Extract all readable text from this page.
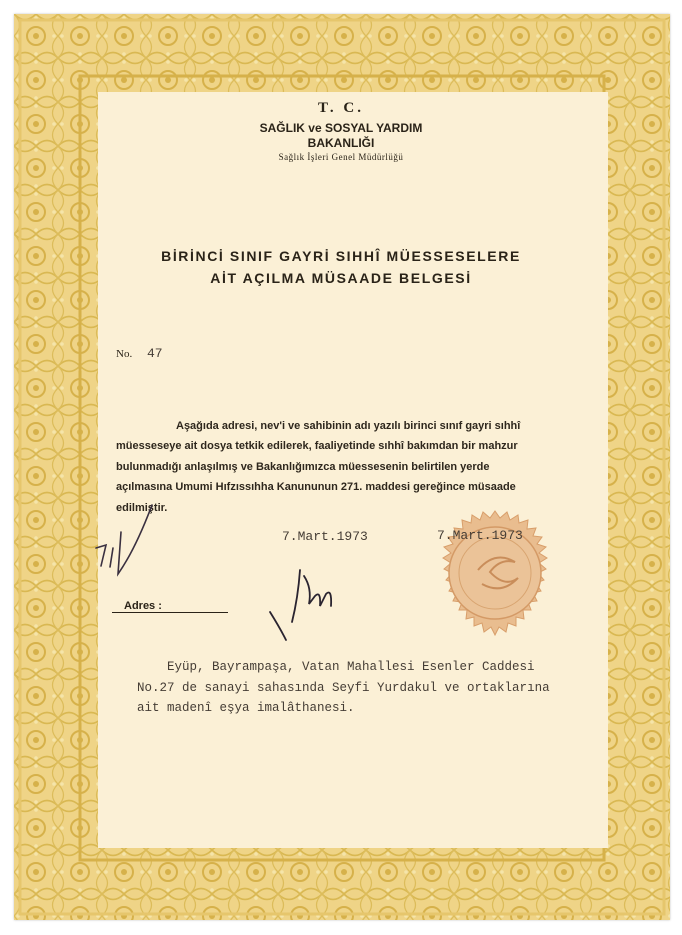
T. C.
SAĞLIK ve SOSYAL YARDIM
BAKANLIĞI
Sağlık İşleri Genel Müdürlüğü
BİRİNCİ SINIF GAYRİ SIHHÎ MÜESSESELERE
AİT AÇILMA MÜSAADE BELGESİ
No. 47
Aşağıda adresi, nev'i ve sahibinin adı yazılı birinci sınıf gayri sıhhî
müesseseye ait dosya tetkik edilerek, faaliyetinde sıhhî bakımdan bir mahzur
bulunmadığı anlaşılmış ve Bakanlığımızca müessesenin belirtilen yerde
açılmasına Umumi Hıfzıssıhha Kanununun 271. maddesi gereğince müsaade
edilmiştir.
7.Mart.1973	7.Mart.1973
Adres :
Eyüp, Bayrampaşa, Vatan Mahallesi Esenler Caddesi
No.27 de sanayi sahasında Seyfi Yurdakul ve ortaklarına
ait madenî eşya imalâthanesi.
